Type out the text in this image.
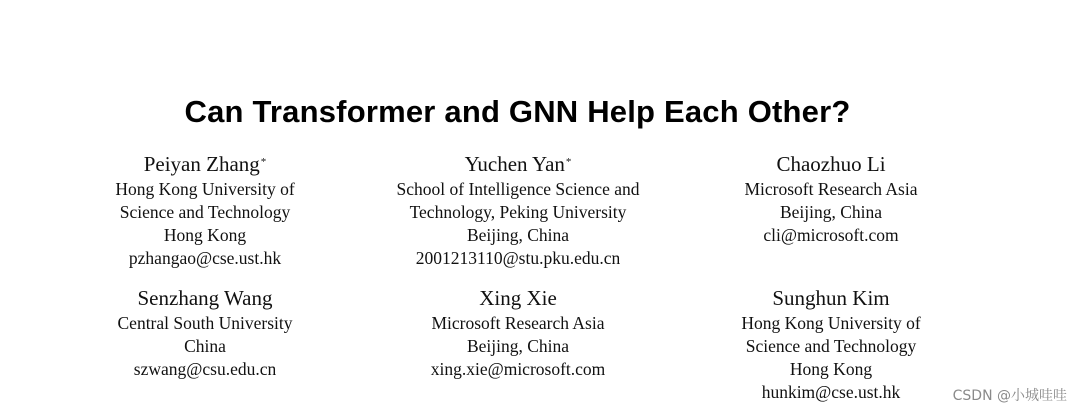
Can Transformer and GNN Help Each Other?
Peiyan Zhang*
Hong Kong University of
Science and Technology
Hong Kong
pzhangao@cse.ust.hk
Yuchen Yan*
School of Intelligence Science and
Technology, Peking University
Beijing, China
2001213110@stu.pku.edu.cn
Chaozhuo Li
Microsoft Research Asia
Beijing, China
cli@microsoft.com
Senzhang Wang
Central South University
China
szwang@csu.edu.cn
Xing Xie
Microsoft Research Asia
Beijing, China
xing.xie@microsoft.com
Sunghun Kim
Hong Kong University of
Science and Technology
Hong Kong
hunkim@cse.ust.hk	CSDN @小城哇哇
